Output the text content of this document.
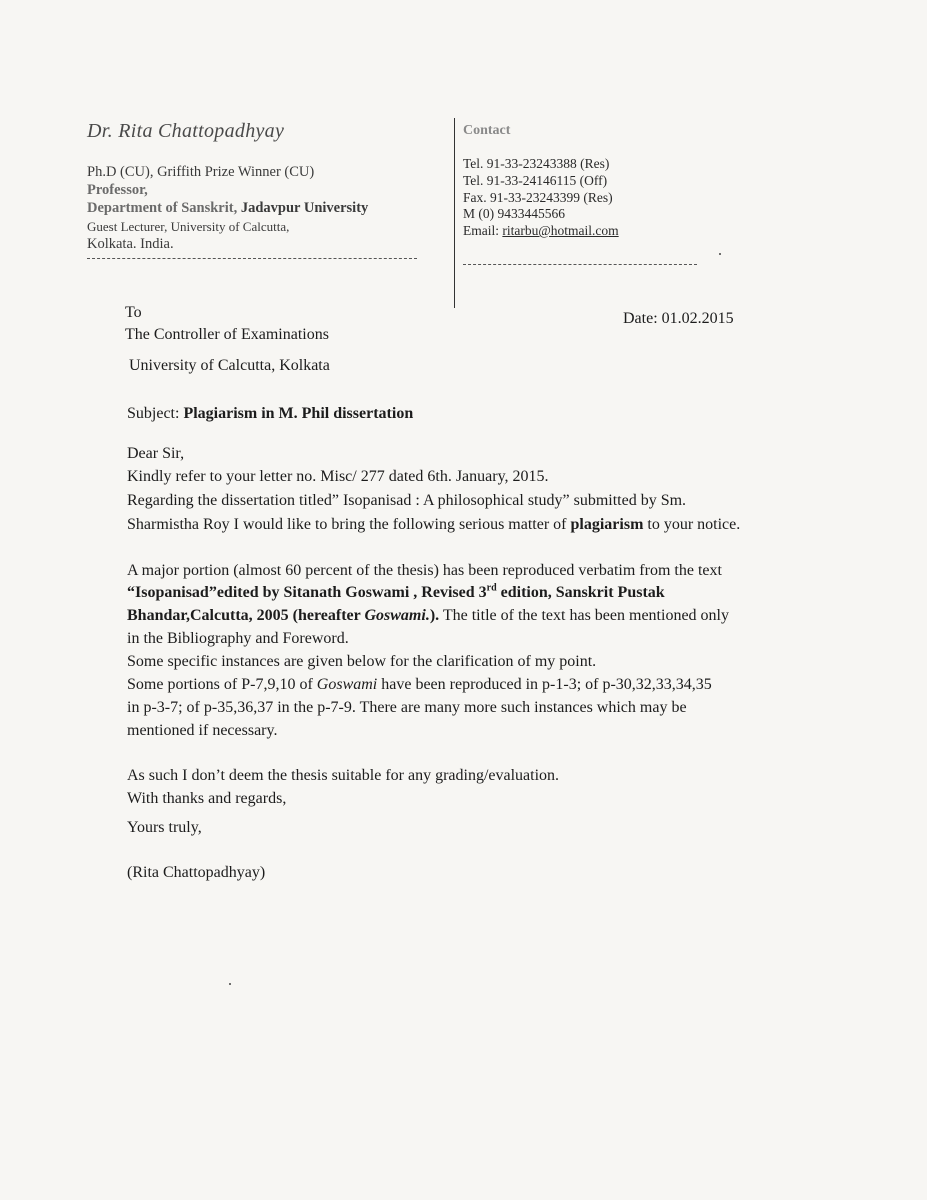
Dr. Rita Chattopadhyay
Ph.D (CU), Griffith Prize Winner (CU)
Professor,
Department of Sanskrit, Jadavpur University
Guest Lecturer, University of Calcutta,
Kolkata. India.
Contact
Tel. 91-33-23243388 (Res)
Tel. 91-33-24146115 (Off)
Fax. 91-33-23243399 (Res)
M (0) 9433445566
Email: ritarbu@hotmail.com
To
The Controller of Examinations
University of Calcutta, Kolkata
Date: 01.02.2015
Subject: Plagiarism in M. Phil dissertation
Dear Sir,
Kindly refer to your letter no. Misc/ 277 dated 6th. January, 2015.
Regarding the dissertation titled” Isopanisad : A philosophical study” submitted by Sm.
Sharmistha Roy I would like to bring the following serious matter of plagiarism to your notice.
A major portion (almost 60 percent of the thesis) has been reproduced verbatim from the text
“Isopanisad”edited by Sitanath Goswami , Revised 3rd edition, Sanskrit Pustak
Bhandar,Calcutta, 2005 (hereafter Goswami.). The title of the text has been mentioned only
in the Bibliography and Foreword.
Some specific instances are given below for the clarification of my point.
Some portions of P-7,9,10 of Goswami have been reproduced in p-1-3; of p-30,32,33,34,35
in p-3-7; of p-35,36,37 in the p-7-9. There are many more such instances which may be
mentioned if necessary.
As such I don’t deem the thesis suitable for any grading/evaluation.
With thanks and regards,
Yours truly,
(Rita Chattopadhyay)
